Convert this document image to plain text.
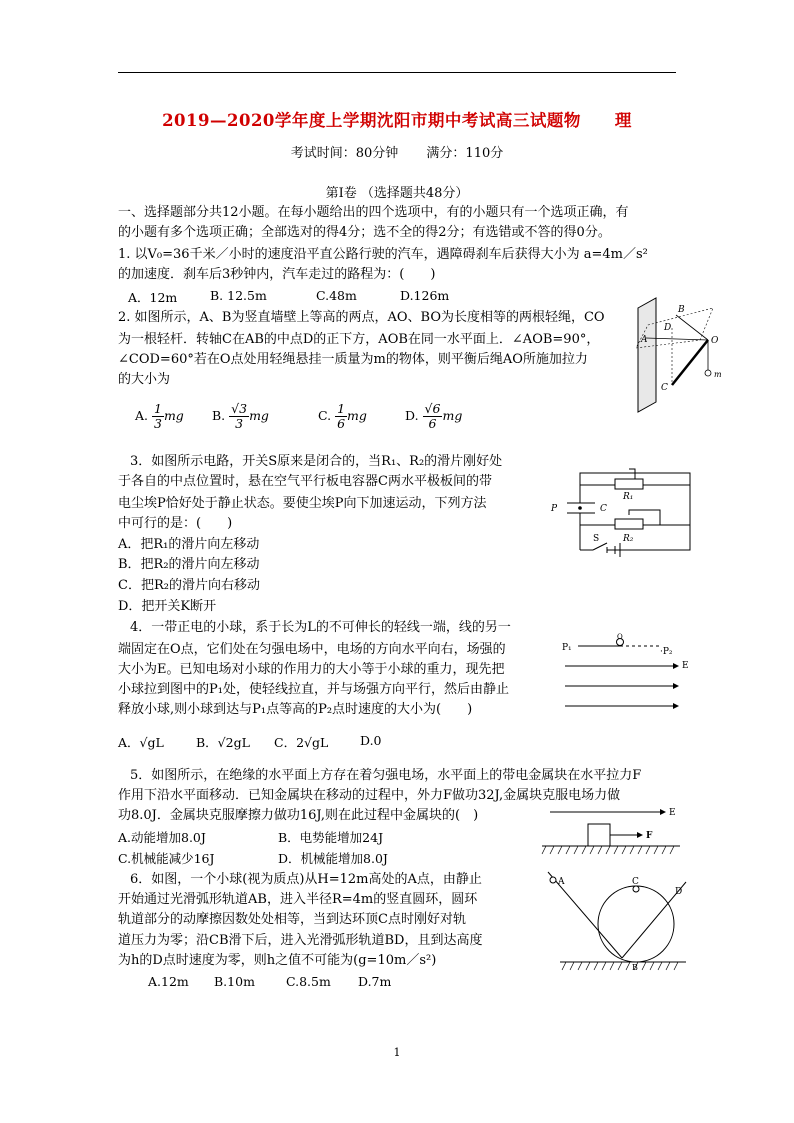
2019—2020学年度上学期沈阳市期中考试高三试题物　　理
考试时间：80分钟 满分：110分
第Ⅰ卷 （选择题共48分）
一、选择题部分共12小题。在每小题给出的四个选项中，有的小题只有一个选项正确，有
的小题有多个选项正确；全部选对的得4分；选不全的得2分；有选错或不答的得0分。
1. 以V₀=36千米／小时的速度沿平直公路行驶的汽车，遇障碍刹车后获得大小为 a=4m／s²
的加速度．刹车后3秒钟内，汽车走过的路程为：(　　)
A．12m	B. 12.5m	C.48m	D.126m
2. 如图所示，A、B为竖直墙壁上等高的两点，AO、BO为长度相等的两根轻绳，CO
为一根轻杆．转轴C在AB的中点D的正下方，AOB在同一水平面上．∠AOB=90°，
∠COD=60°若在O点处用轻绳悬挂一质量为m的物体，则平衡后绳AO所施加拉力
的大小为
A. $\frac{1}{3}$ mg B. $\frac{√3}{3}$ mg	C. $\frac{1}{6}$ mg	D. $\frac{√6}{6}$ mg
D
B
A	O
C
m
3．如图所示电路，开关S原来是闭合的，当R₁、R₂的滑片刚好处
于各自的中点位置时，悬在空气平行板电容器C两水平极板间的带
电尘埃P恰好处于静止状态。要使尘埃P向下加速运动，下列方法
中可行的是：(　　)
A．把R₁的滑片向左移动
B．把R₂的滑片向左移动
C．把R₂的滑片向右移动
D．把开关K断开
R₁
R₂
P	C
S
4．一带正电的小球，系于长为L的不可伸长的轻线一端，线的另一
端固定在O点，它们处在匀强电场中，电场的方向水平向右，场强的
大小为E。已知电场对小球的作用力的大小等于小球的重力，现先把
小球拉到图中的P₁处，使轻线拉直，并与场强方向平行，然后由静止
释放小球,则小球到达与P₁点等高的P₂点时速度的大小为(　　)
A．√gL	B．√2gL C．2√gL	D.0
P₁	·P₂
O
E
5．如图所示，在绝缘的水平面上方存在着匀强电场，水平面上的带电金属块在水平拉力F
作用下沿水平面移动．已知金属块在移动的过程中，外力F做功32J,金属块克服电场力做
功8.0J．金属块克服摩擦力做功16J,则在此过程中金属块的(　)
A.动能增加8.0J	B．电势能增加24J
C.机械能减少16J	D．机械能增加8.0J
E
F
6．如图，一个小球(视为质点)从H=12m高处的A点，由静止
开始通过光滑弧形轨道AB，进入半径R=4m的竖直圆环，圆环
轨道部分的动摩擦因数处处相等，当到达环顶C点时刚好对轨
道压力为零；沿CB滑下后，进入光滑弧形轨道BD，且到达高度
为h的D点时速度为零，则h之值不可能为(g=10m／s²)
A.12m B.10m C.8.5m D.7m
A	C
D
B
1
